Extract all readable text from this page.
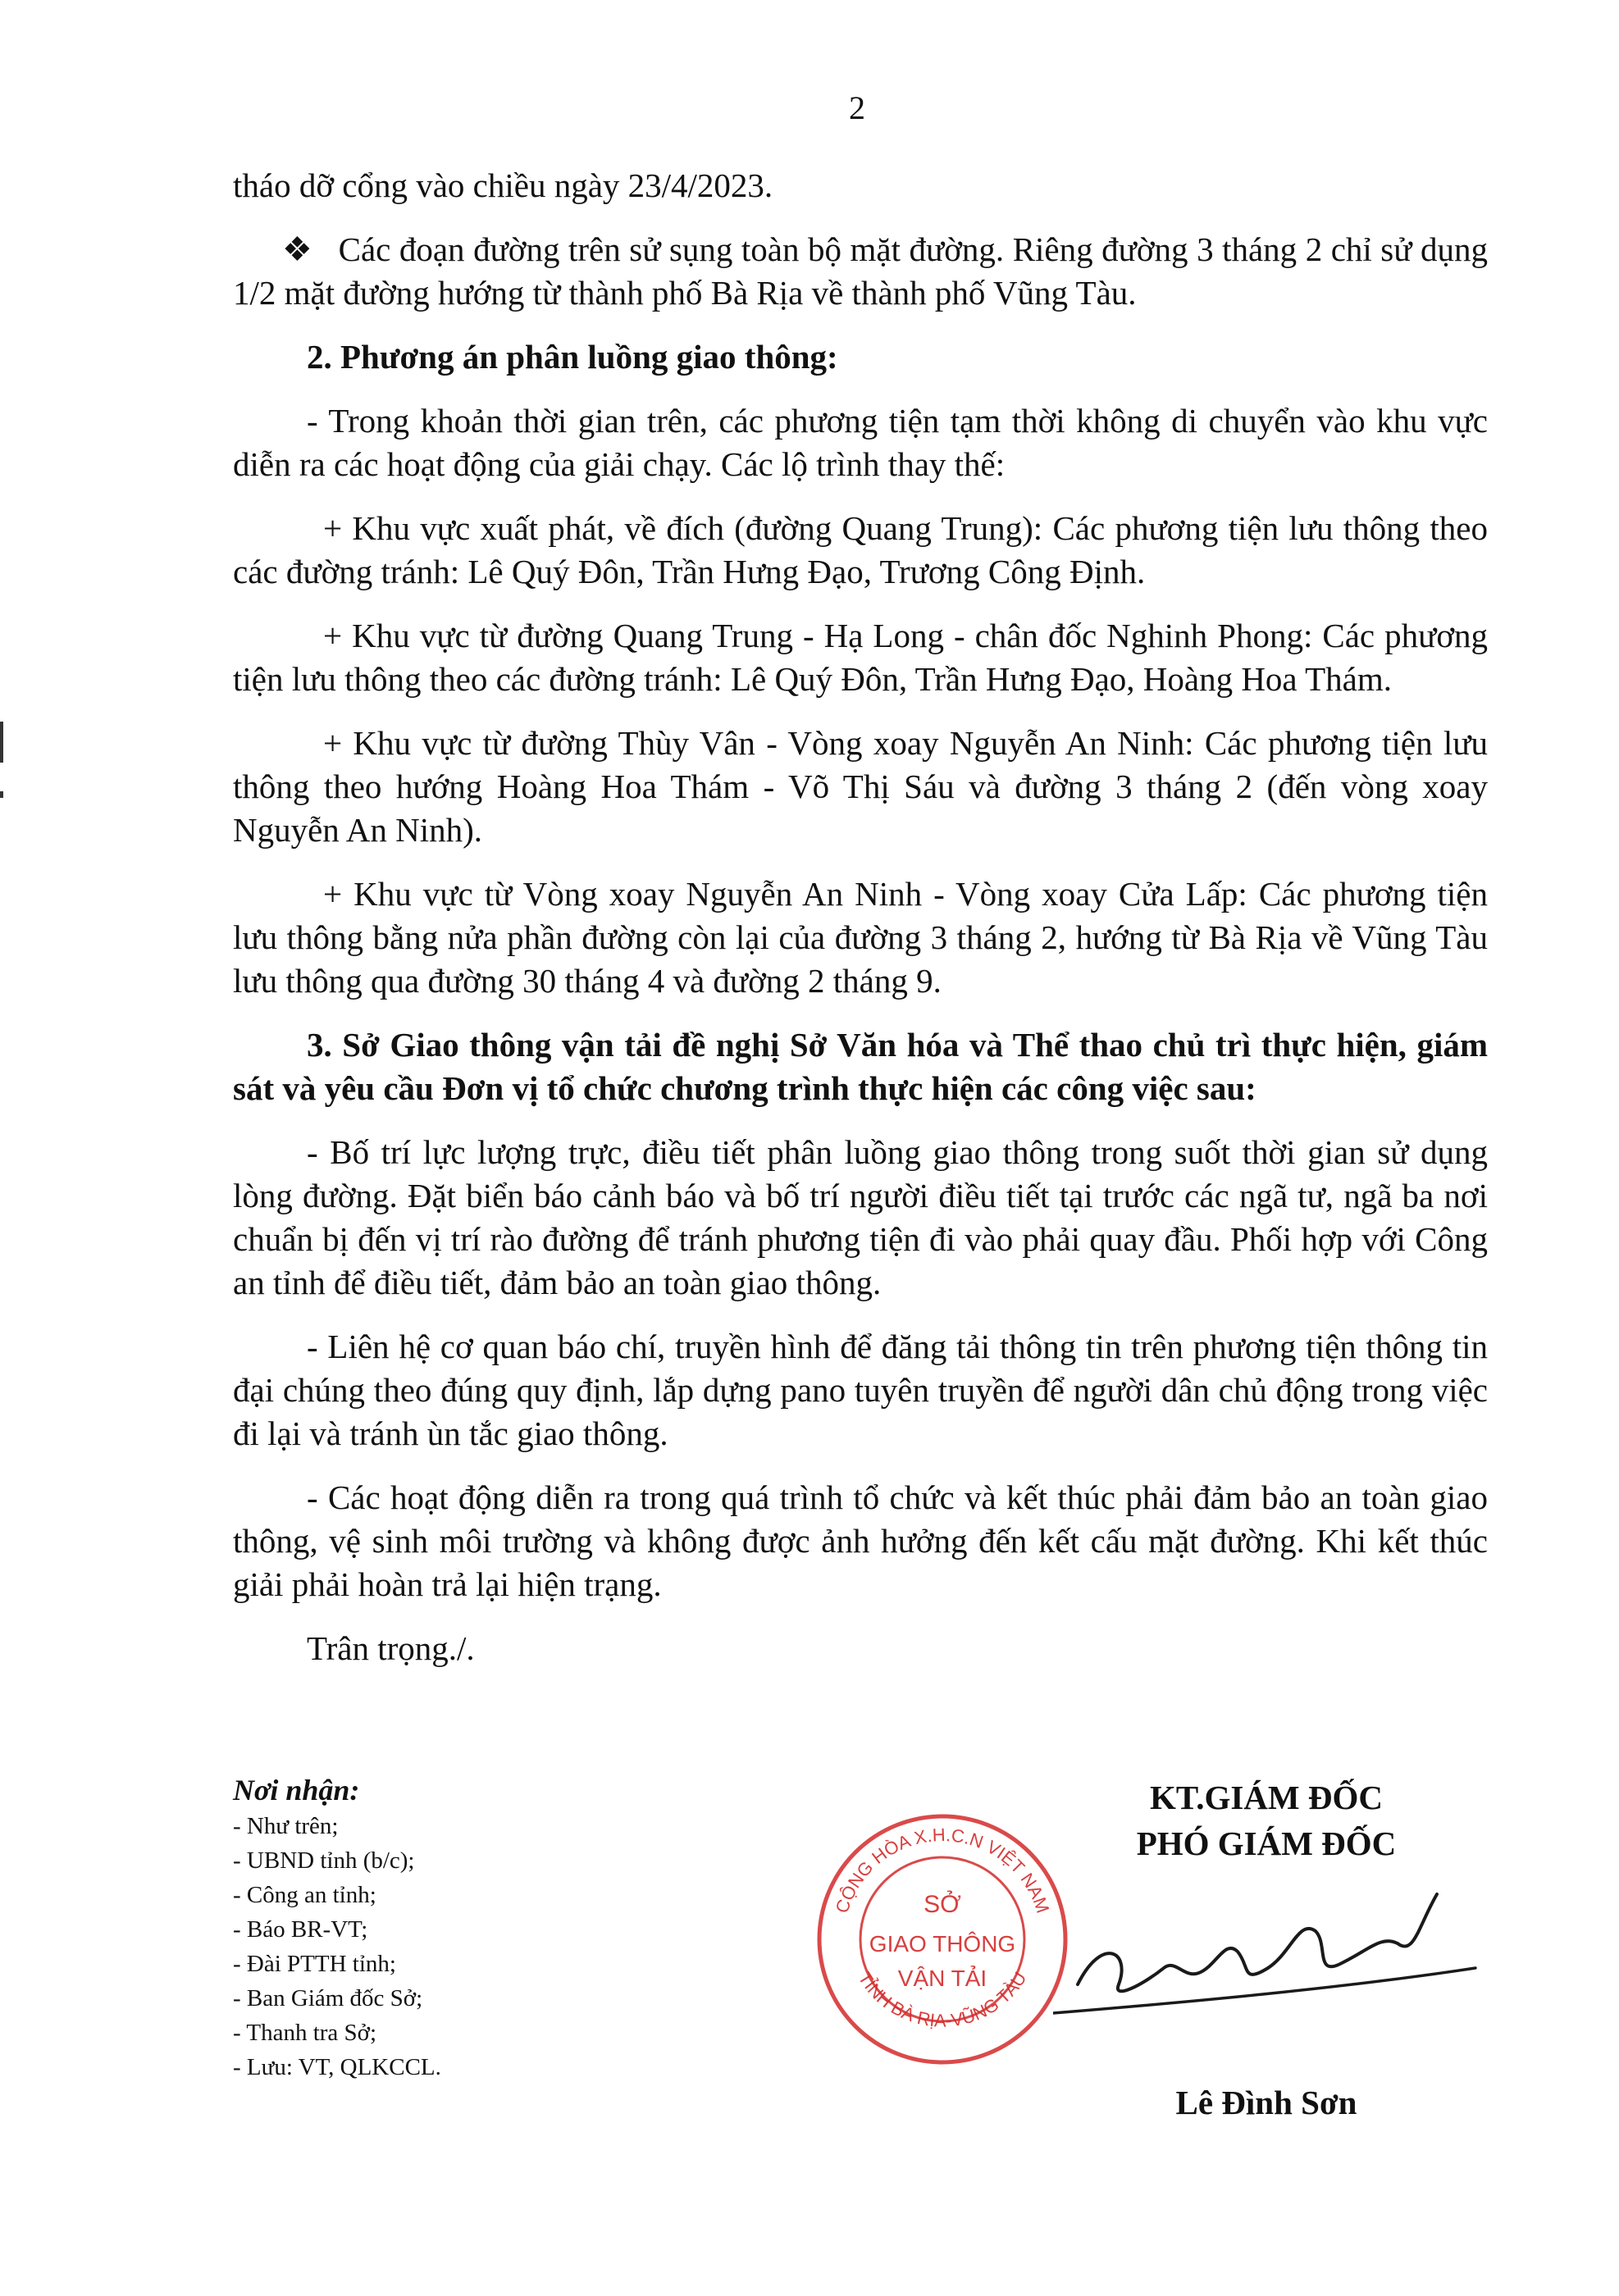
2

tháo dỡ cổng vào chiều ngày 23/4/2023.

❖ Các đoạn đường trên sử sụng toàn bộ mặt đường. Riêng đường 3 tháng 2 chỉ sử dụng 1/2 mặt đường hướng từ thành phố Bà Rịa về thành phố Vũng Tàu.

2. Phương án phân luồng giao thông:

- Trong khoản thời gian trên, các phương tiện tạm thời không di chuyển vào khu vực diễn ra các hoạt động của giải chạy. Các lộ trình thay thế:

+ Khu vực xuất phát, về đích (đường Quang Trung): Các phương tiện lưu thông theo các đường tránh: Lê Quý Đôn, Trần Hưng Đạo, Trương Công Định.

+ Khu vực từ đường Quang Trung - Hạ Long - chân đốc Nghinh Phong: Các phương tiện lưu thông theo các đường tránh: Lê Quý Đôn, Trần Hưng Đạo, Hoàng Hoa Thám.

+ Khu vực từ đường Thùy Vân - Vòng xoay Nguyễn An Ninh: Các phương tiện lưu thông theo hướng Hoàng Hoa Thám - Võ Thị Sáu và đường 3 tháng 2 (đến vòng xoay Nguyễn An Ninh).

+ Khu vực từ Vòng xoay Nguyễn An Ninh - Vòng xoay Cửa Lấp: Các phương tiện lưu thông bằng nửa phần đường còn lại của đường 3 tháng 2, hướng từ Bà Rịa về Vũng Tàu lưu thông qua đường 30 tháng 4 và đường 2 tháng 9.

3. Sở Giao thông vận tải đề nghị Sở Văn hóa và Thể thao chủ trì thực hiện, giám sát và yêu cầu Đơn vị tổ chức chương trình thực hiện các công việc sau:

- Bố trí lực lượng trực, điều tiết phân luồng giao thông trong suốt thời gian sử dụng lòng đường. Đặt biển báo cảnh báo và bố trí người điều tiết tại trước các ngã tư, ngã ba nơi chuẩn bị đến vị trí rào đường để tránh phương tiện đi vào phải quay đầu. Phối hợp với Công an tỉnh để điều tiết, đảm bảo an toàn giao thông.

- Liên hệ cơ quan báo chí, truyền hình để đăng tải thông tin trên phương tiện thông tin đại chúng theo đúng quy định, lắp dựng pano tuyên truyền để người dân chủ động trong việc đi lại và tránh ùn tắc giao thông.

- Các hoạt động diễn ra trong quá trình tổ chức và kết thúc phải đảm bảo an toàn giao thông, vệ sinh môi trường và không được ảnh hưởng đến kết cấu mặt đường. Khi kết thúc giải phải hoàn trả lại hiện trạng.

Trân trọng./.

Nơi nhận:
- Như trên;
- UBND tỉnh (b/c);
- Công an tỉnh;
- Báo BR-VT;
- Đài PTTH tỉnh;
- Ban Giám đốc Sở;
- Thanh tra Sở;
- Lưu: VT, QLKCCL.
CỘNG HÒA X.H.C.N VIỆT NAM
TỈNH BÀ RỊA-VŨNG TÀU
SỞ
GIAO THÔNG
VẬN TẢI
KT.GIÁM ĐỐC
PHÓ GIÁM ĐỐC
Lê Đình Sơn
